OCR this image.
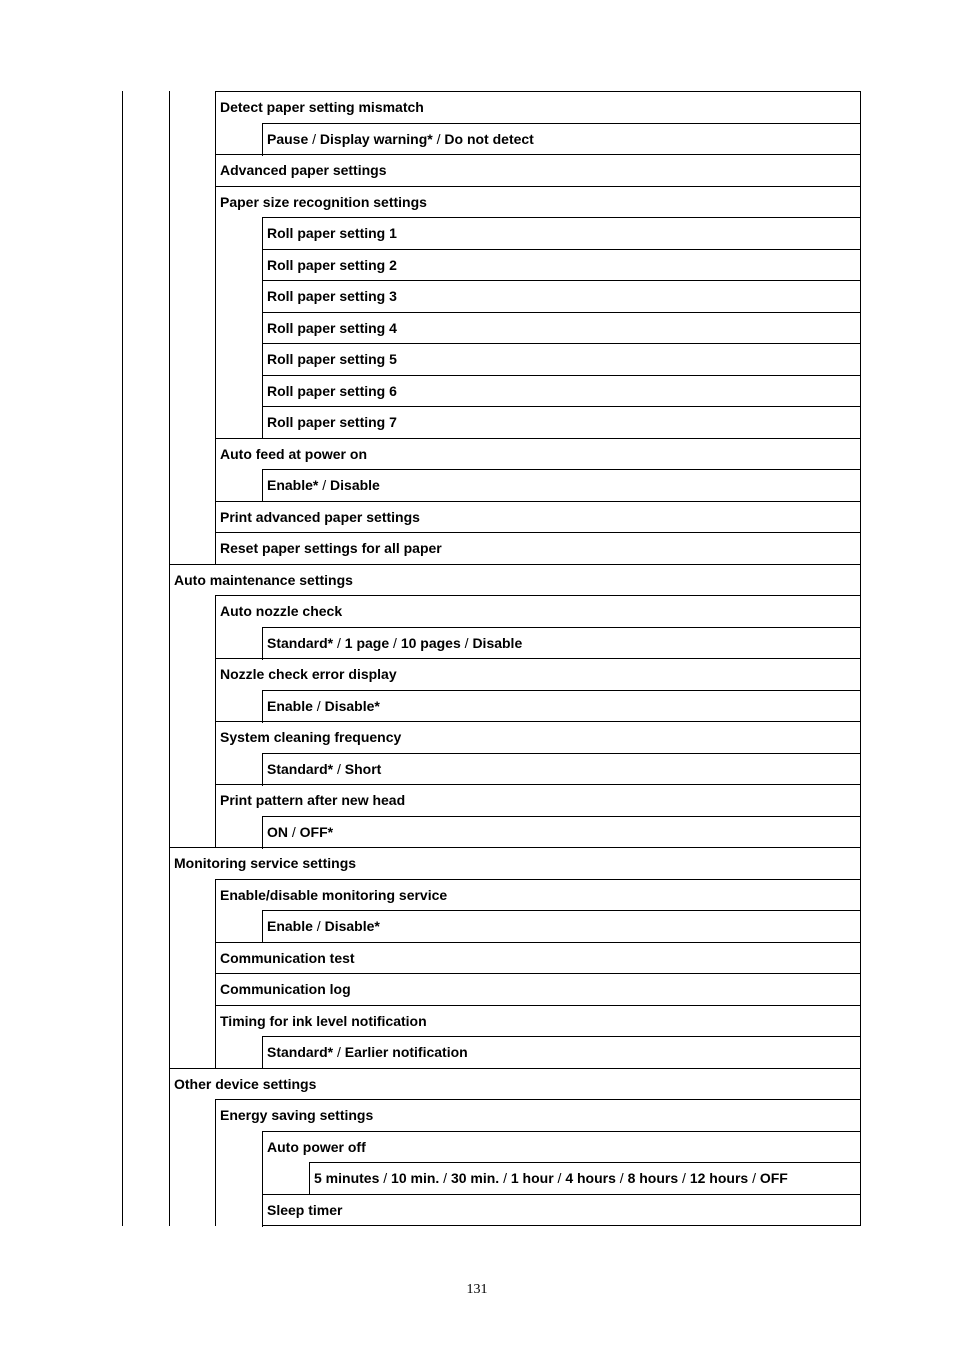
Detect paper setting mismatch
Pause / Display warning* / Do not detect
Advanced paper settings
Paper size recognition settings
Roll paper setting 1
Roll paper setting 2
Roll paper setting 3
Roll paper setting 4
Roll paper setting 5
Roll paper setting 6
Roll paper setting 7
Auto feed at power on
Enable* / Disable
Print advanced paper settings
Reset paper settings for all paper
Auto maintenance settings
Auto nozzle check
Standard* / 1 page / 10 pages / Disable
Nozzle check error display
Enable / Disable*
System cleaning frequency
Standard* / Short
Print pattern after new head
ON / OFF*
Monitoring service settings
Enable/disable monitoring service
Enable / Disable*
Communication test
Communication log
Timing for ink level notification
Standard* / Earlier notification
Other device settings
Energy saving settings
Auto power off
5 minutes / 10 min. / 30 min. / 1 hour / 4 hours / 8 hours / 12 hours / OFF
Sleep timer
131
